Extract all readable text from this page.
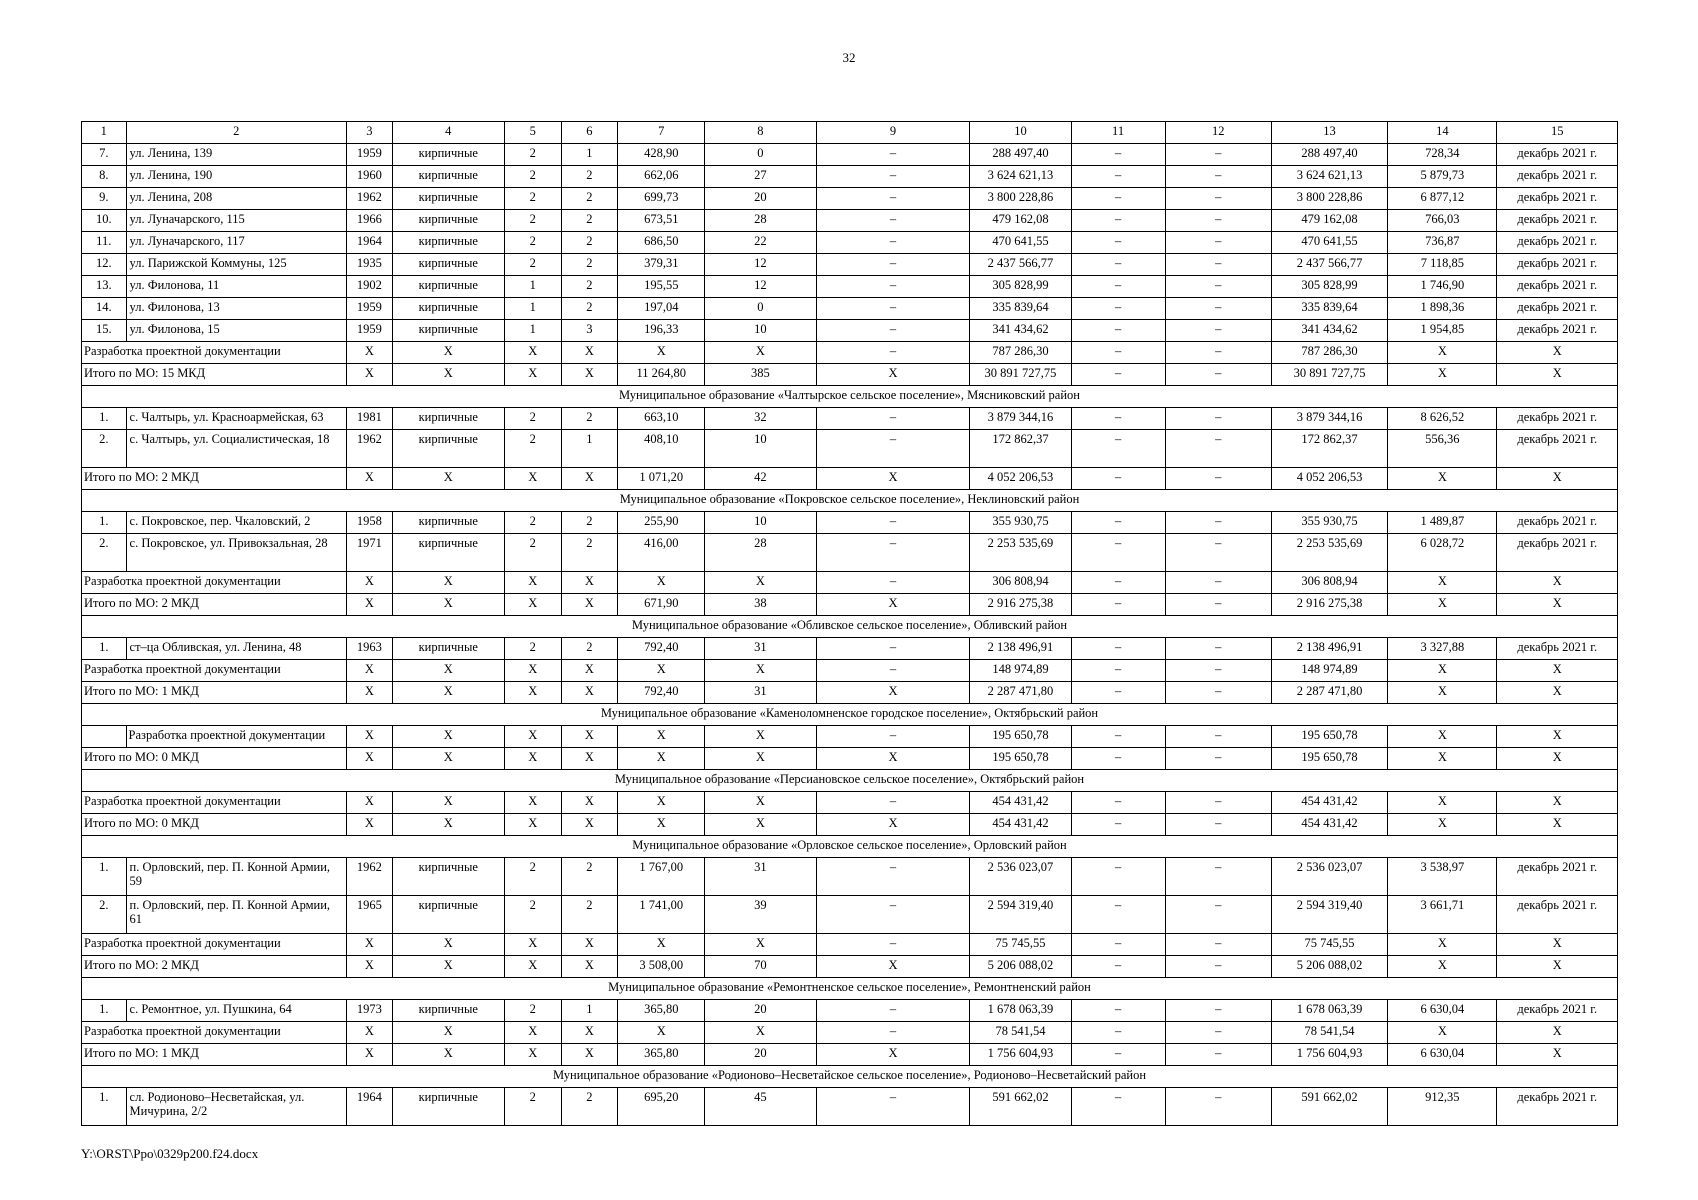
32
1	2	3	4	5	6	7	8	9	10	11	12	13	14	15
7.	ул. Ленина, 139	1959	кирпичные	2	1	428,90	0	–	288 497,40	–	–	288 497,40	728,34	декабрь 2021 г.
8.	ул. Ленина, 190	1960	кирпичные	2	2	662,06	27	–	3 624 621,13	–	–	3 624 621,13	5 879,73	декабрь 2021 г.
9.	ул. Ленина, 208	1962	кирпичные	2	2	699,73	20	–	3 800 228,86	–	–	3 800 228,86	6 877,12	декабрь 2021 г.
10.	ул. Луначарского, 115	1966	кирпичные	2	2	673,51	28	–	479 162,08	–	–	479 162,08	766,03	декабрь 2021 г.
11.	ул. Луначарского, 117	1964	кирпичные	2	2	686,50	22	–	470 641,55	–	–	470 641,55	736,87	декабрь 2021 г.
12.	ул. Парижской Коммуны, 125	1935	кирпичные	2	2	379,31	12	–	2 437 566,77	–	–	2 437 566,77	7 118,85	декабрь 2021 г.
13.	ул. Филонова, 11	1902	кирпичные	1	2	195,55	12	–	305 828,99	–	–	305 828,99	1 746,90	декабрь 2021 г.
14.	ул. Филонова, 13	1959	кирпичные	1	2	197,04	0	–	335 839,64	–	–	335 839,64	1 898,36	декабрь 2021 г.
15.	ул. Филонова, 15	1959	кирпичные	1	3	196,33	10	–	341 434,62	–	–	341 434,62	1 954,85	декабрь 2021 г.
Разработка проектной документации		X	X	X	X	X	X	–	787 286,30	–	–	787 286,30	X	X
Итого по МО: 15 МКД		X	X	X	X	11 264,80	385	X	30 891 727,75	–	–	30 891 727,75	X	X
Муниципальное образование «Чалтырское сельское поселение», Мясниковский район														
1.	с. Чалтырь, ул. Красноармейская, 63	1981	кирпичные	2	2	663,10	32	–	3 879 344,16	–	–	3 879 344,16	8 626,52	декабрь 2021 г.
2.	с. Чалтырь, ул. Социалистическая, 18	1962	кирпичные	2	1	408,10	10	–	172 862,37	–	–	172 862,37	556,36	декабрь 2021 г.
Итого по МО: 2 МКД		X	X	X	X	1 071,20	42	X	4 052 206,53	–	–	4 052 206,53	X	X
Муниципальное образование «Покровское сельское поселение», Неклиновский район														
1.	с. Покровское, пер. Чкаловский, 2	1958	кирпичные	2	2	255,90	10	–	355 930,75	–	–	355 930,75	1 489,87	декабрь 2021 г.
2.	с. Покровское, ул. Привокзальная, 28	1971	кирпичные	2	2	416,00	28	–	2 253 535,69	–	–	2 253 535,69	6 028,72	декабрь 2021 г.
Разработка проектной документации		X	X	X	X	X	X	–	306 808,94	–	–	306 808,94	X	X
Итого по МО: 2 МКД		X	X	X	X	671,90	38	X	2 916 275,38	–	–	2 916 275,38	X	X
Муниципальное образование «Обливское сельское поселение», Обливский район														
1.	ст–ца Обливская, ул. Ленина, 48	1963	кирпичные	2	2	792,40	31	–	2 138 496,91	–	–	2 138 496,91	3 327,88	декабрь 2021 г.
Разработка проектной документации		X	X	X	X	X	X	–	148 974,89	–	–	148 974,89	X	X
Итого по МО: 1 МКД		X	X	X	X	792,40	31	X	2 287 471,80	–	–	2 287 471,80	X	X
Муниципальное образование «Каменоломненское городское поселение», Октябрьский район														
	Разработка проектной документации	X	X	X	X	X	X	–	195 650,78	–	–	195 650,78	X	X
Итого по МО: 0 МКД		X	X	X	X	X	X	X	195 650,78	–	–	195 650,78	X	X
Муниципальное образование «Персиановское сельское поселение», Октябрьский район														
Разработка проектной документации		X	X	X	X	X	X	–	454 431,42	–	–	454 431,42	X	X
Итого по МО: 0 МКД		X	X	X	X	X	X	X	454 431,42	–	–	454 431,42	X	X
Муниципальное образование «Орловское сельское поселение», Орловский район														
1.	п. Орловский, пер. П. Конной Армии, 59	1962	кирпичные	2	2	1 767,00	31	–	2 536 023,07	–	–	2 536 023,07	3 538,97	декабрь 2021 г.
2.	п. Орловский, пер. П. Конной Армии, 61	1965	кирпичные	2	2	1 741,00	39	–	2 594 319,40	–	–	2 594 319,40	3 661,71	декабрь 2021 г.
Разработка проектной документации		X	X	X	X	X	X	–	75 745,55	–	–	75 745,55	X	X
Итого по МО: 2 МКД		X	X	X	X	3 508,00	70	X	5 206 088,02	–	–	5 206 088,02	X	X
Муниципальное образование «Ремонтненское сельское поселение», Ремонтненский район														
1.	с. Ремонтное, ул. Пушкина, 64	1973	кирпичные	2	1	365,80	20	–	1 678 063,39	–	–	1 678 063,39	6 630,04	декабрь 2021 г.
Разработка проектной документации		X	X	X	X	X	X	–	78 541,54	–	–	78 541,54	X	X
Итого по МО: 1 МКД		X	X	X	X	365,80	20	X	1 756 604,93	–	–	1 756 604,93	6 630,04	X
Муниципальное образование «Родионово–Несветайское сельское поселение», Родионово–Несветайский район														
1.	сл. Родионово–Несветайская, ул. Мичурина, 2/2	1964	кирпичные	2	2	695,20	45	–	591 662,02	–	–	591 662,02	912,35	декабрь 2021 г.
Y:\ORST\Ppo\0329p200.f24.docx
